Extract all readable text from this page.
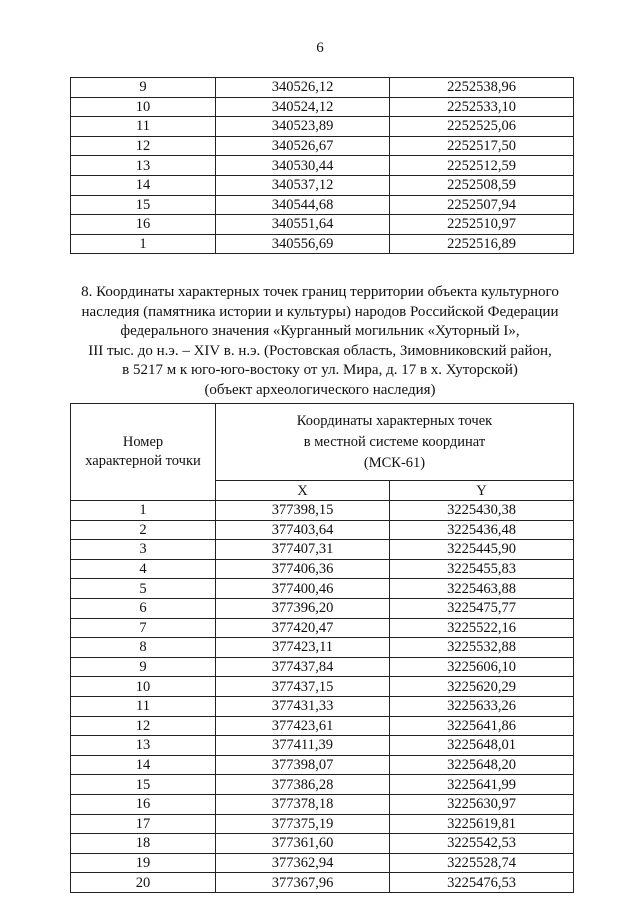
6
9	340526,12	2252538,96
10	340524,12	2252533,10
11	340523,89	2252525,06
12	340526,67	2252517,50
13	340530,44	2252512,59
14	340537,12	2252508,59
15	340544,68	2252507,94
16	340551,64	2252510,97
1	340556,69	2252516,89
8. Координаты характерных точек границ территории объекта культурного
наследия (памятника истории и культуры) народов Российской Федерации
федерального значения «Курганный могильник «Хуторный I»,
III тыс. до н.э. – XIV в. н.э. (Ростовская область, Зимовниковский район,
в 5217 м к юго-юго-востоку от ул. Мира, д. 17 в х. Хуторской)
(объект археологического наследия)
Номер
характерной точки

Координаты характерных точек
в местной системе координат
(МСК-61)

	X	Y
1	377398,15	3225430,38
2	377403,64	3225436,48
3	377407,31	3225445,90
4	377406,36	3225455,83
5	377400,46	3225463,88
6	377396,20	3225475,77
7	377420,47	3225522,16
8	377423,11	3225532,88
9	377437,84	3225606,10
10	377437,15	3225620,29
11	377431,33	3225633,26
12	377423,61	3225641,86
13	377411,39	3225648,01
14	377398,07	3225648,20
15	377386,28	3225641,99
16	377378,18	3225630,97
17	377375,19	3225619,81
18	377361,60	3225542,53
19	377362,94	3225528,74
20	377367,96	3225476,53
